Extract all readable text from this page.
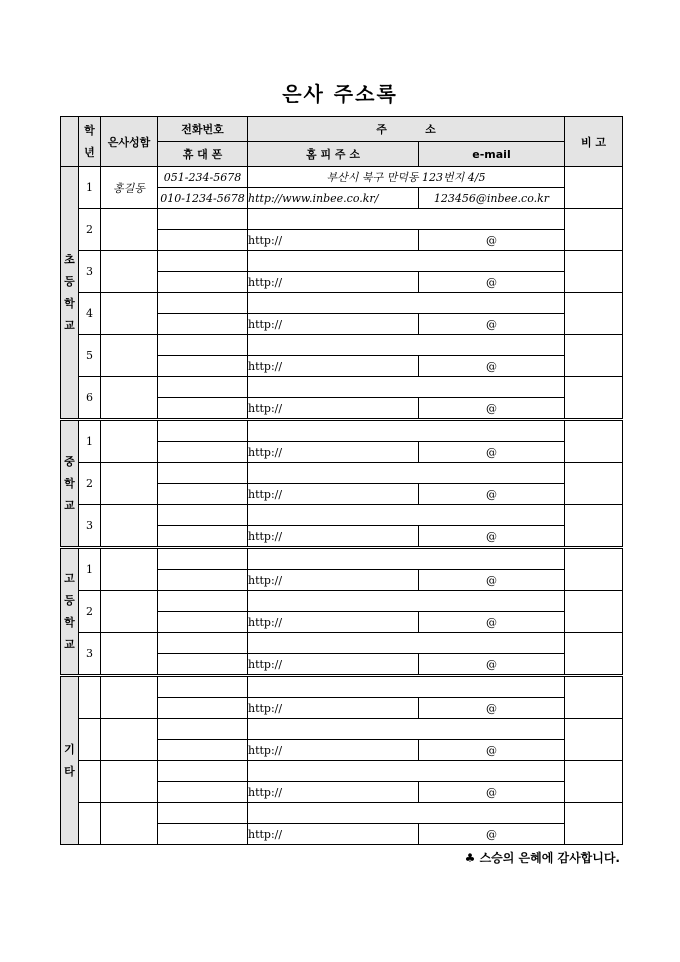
은사 주소록
	학년	은사성함	전화번호	주          소		비 고
			휴 대 폰	홈 피 주 소	e-mail	
초등학교	1	홍길동	051-234-5678	부산시 북구 만덕동 123번지 4/5		
			010-1234-5678	http://www.inbee.co.kr/	123456@inbee.co.kr	
	2					
				http://	@	
	3					
				http://	@	
	4					
				http://	@	
	5					
				http://	@	
	6					
				http://	@	
중학교	1					
				http://	@	
	2					
				http://	@	
	3					
				http://	@	
고등학교	1					
				http://	@	
	2					
				http://	@	
	3					
				http://	@	
기타						
				http://	@	

				http://	@	

				http://	@	

				http://	@	
♣ 스승의 은혜에 감사합니다.
